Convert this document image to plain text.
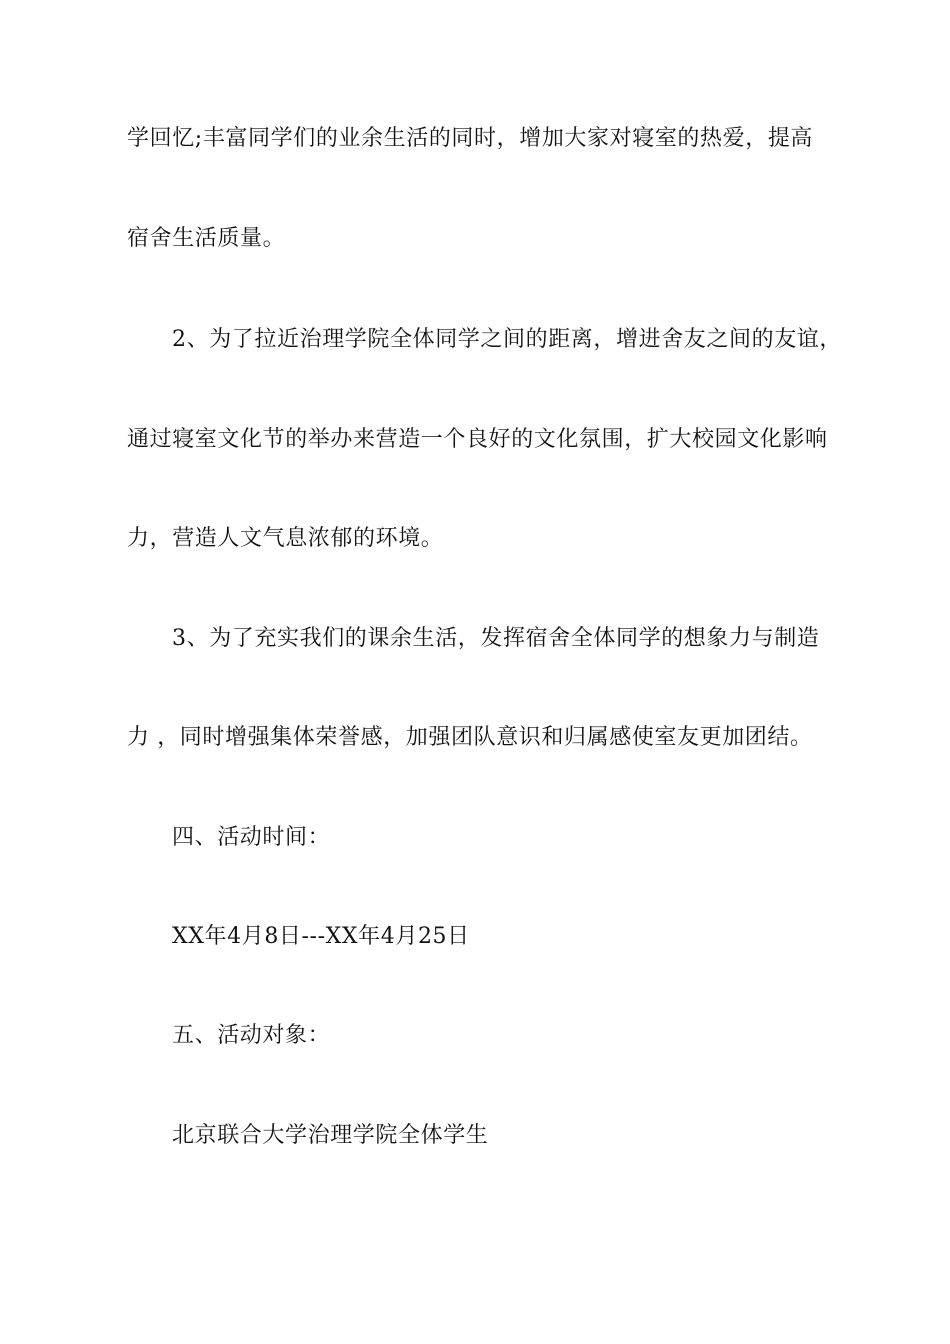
学回忆;丰富同学们的业余生活的同时，增加大家对寝室的热爱，提高
宿舍生活质量。
2、为了拉近治理学院全体同学之间的距离，增进舍友之间的友谊，
通过寝室文化节的举办来营造一个良好的文化氛围，扩大校园文化影响
力，营造人文气息浓郁的环境。
3、为了充实我们的课余生活，发挥宿舍全体同学的想象力与制造
力 ，同时增强集体荣誉感，加强团队意识和归属感使室友更加团结。
四、活动时间：
XX年4月8日---XX年4月25日
五、活动对象：
北京联合大学治理学院全体学生
